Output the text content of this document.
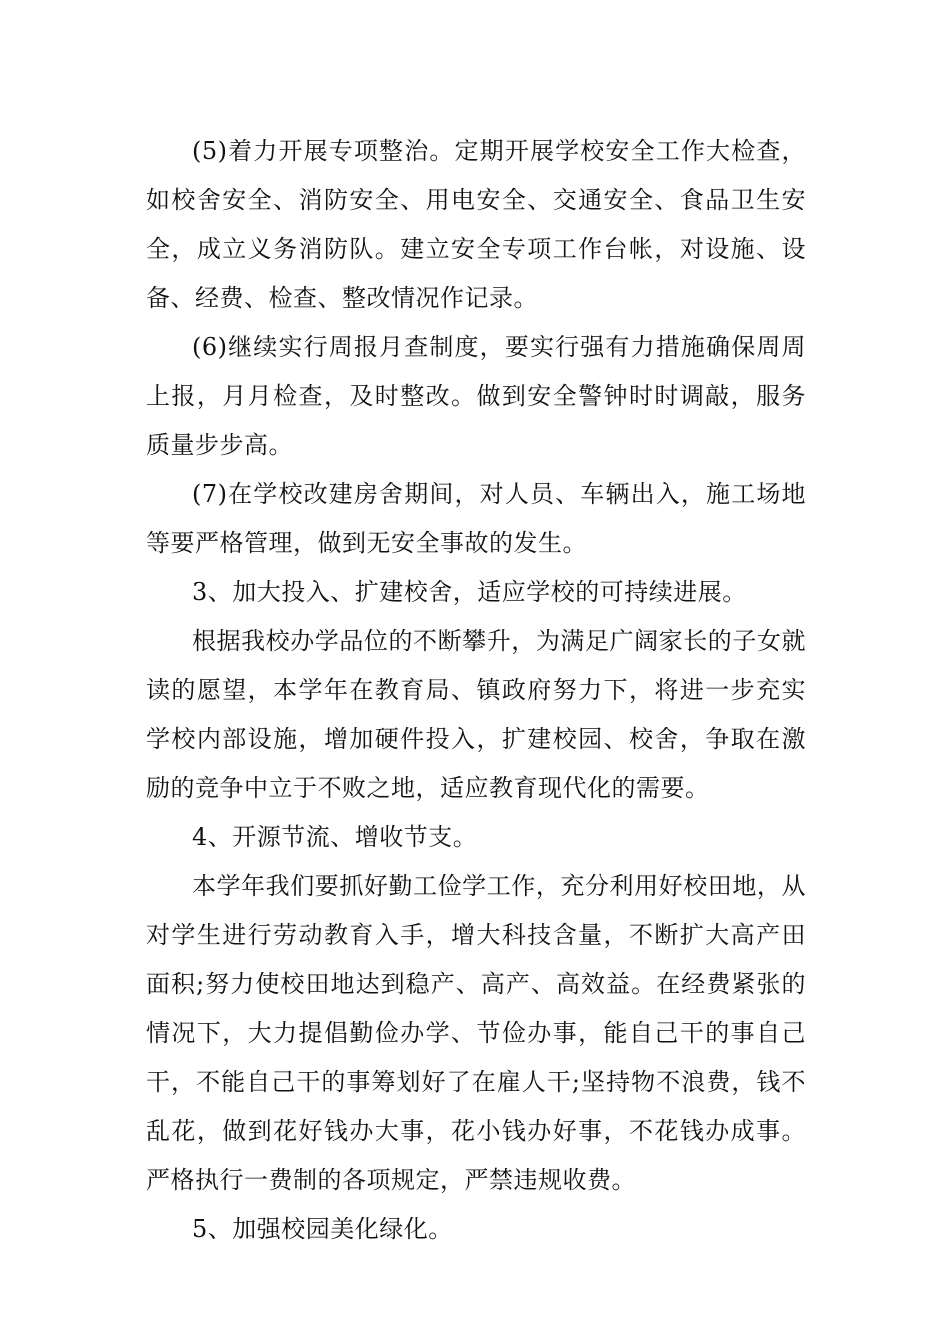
(5)着力开展专项整治。定期开展学校安全工作大检查，如校舍安全、消防安全、用电安全、交通安全、食品卫生安全，成立义务消防队。建立安全专项工作台帐，对设施、设备、经费、检查、整改情况作记录。

(6)继续实行周报月查制度，要实行强有力措施确保周周上报，月月检查，及时整改。做到安全警钟时时调敲，服务质量步步高。

(7)在学校改建房舍期间，对人员、车辆出入，施工场地等要严格管理，做到无安全事故的发生。

3、加大投入、扩建校舍，适应学校的可持续进展。

根据我校办学品位的不断攀升，为满足广阔家长的子女就读的愿望，本学年在教育局、镇政府努力下，将进一步充实学校内部设施，增加硬件投入，扩建校园、校舍，争取在激励的竞争中立于不败之地，适应教育现代化的需要。

4、开源节流、增收节支。

本学年我们要抓好勤工俭学工作，充分利用好校田地，从对学生进行劳动教育入手，增大科技含量，不断扩大高产田面积;努力使校田地达到稳产、高产、高效益。在经费紧张的情况下，大力提倡勤俭办学、节俭办事，能自己干的事自己干，不能自己干的事筹划好了在雇人干;坚持物不浪费，钱不乱花，做到花好钱办大事，花小钱办好事，不花钱办成事。严格执行一费制的各项规定，严禁违规收费。

5、加强校园美化绿化。
